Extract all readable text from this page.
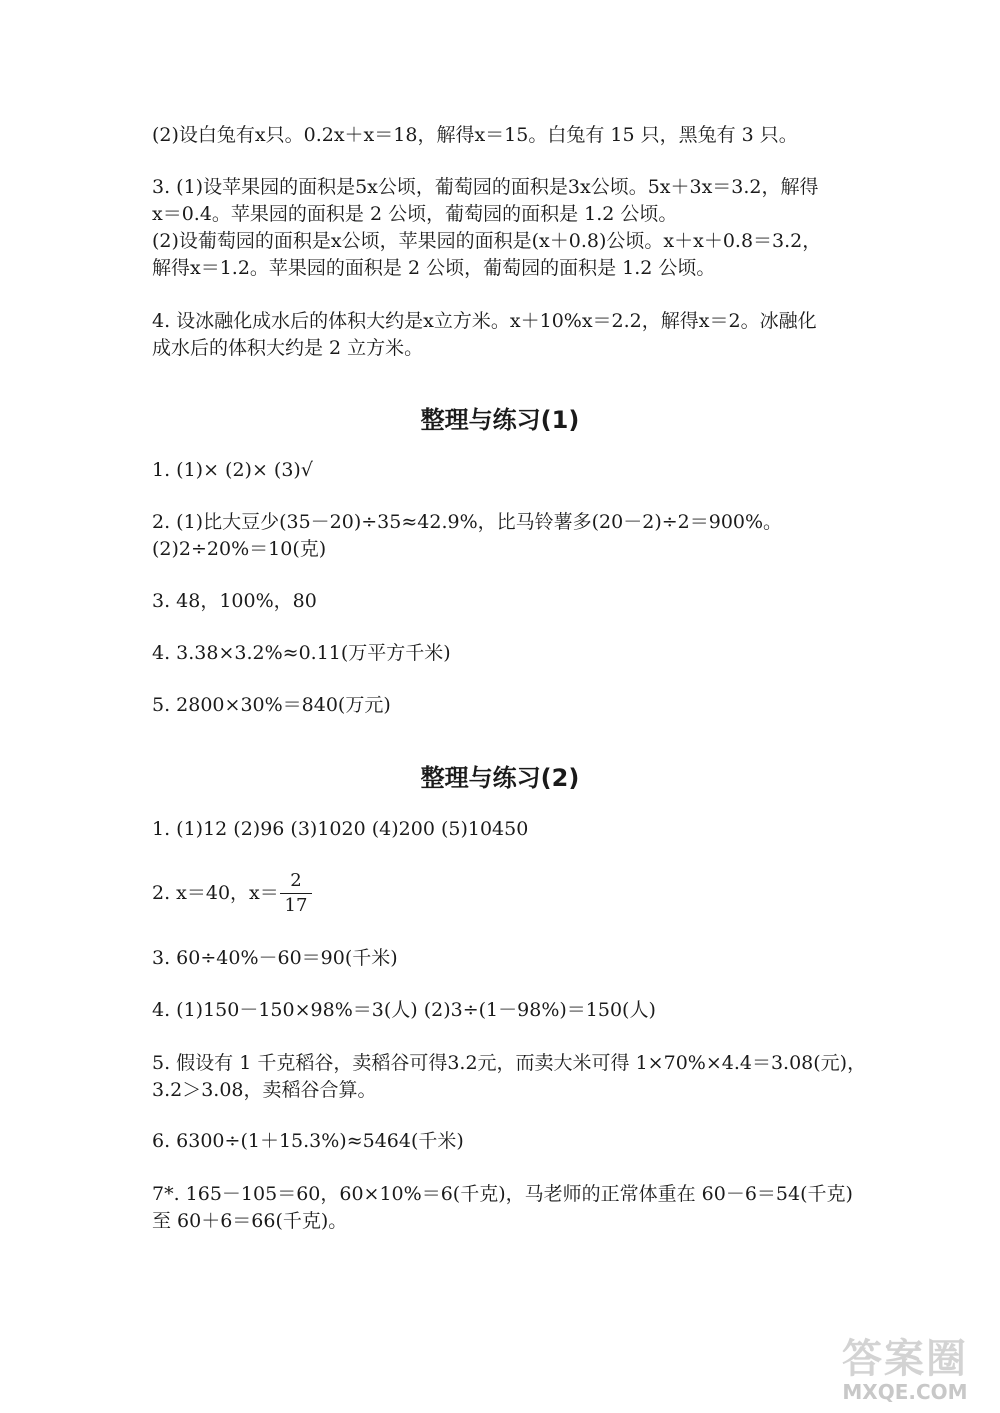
(2)设白兔有x只。0.2x＋x＝18，解得x＝15。白兔有 15 只，黑兔有 3 只。
3. (1)设苹果园的面积是5x公顷，葡萄园的面积是3x公顷。5x＋3x＝3.2，解得
x＝0.4。苹果园的面积是 2 公顷，葡萄园的面积是 1.2 公顷。
(2)设葡萄园的面积是x公顷，苹果园的面积是(x＋0.8)公顷。x＋x＋0.8＝3.2，
解得x＝1.2。苹果园的面积是 2 公顷，葡萄园的面积是 1.2 公顷。
4. 设冰融化成水后的体积大约是x立方米。x＋10%x＝2.2，解得x＝2。冰融化
成水后的体积大约是 2 立方米。
整理与练习(1)
1. (1)× (2)× (3)√
2. (1)比大豆少(35－20)÷35≈42.9%，比马铃薯多(20－2)÷2＝900%。
(2)2÷20%＝10(克)
3. 48，100%，80
4. 3.38×3.2%≈0.11(万平方千米)
5. 2800×30%＝840(万元)
整理与练习(2)
1. (1)12 (2)96 (3)1020 (4)200 (5)10450
2. x＝40，x＝
2
17
3. 60÷40%－60＝90(千米)
4. (1)150－150×98%＝3(人) (2)3÷(1－98%)＝150(人)
5. 假设有 1 千克稻谷，卖稻谷可得3.2元，而卖大米可得 1×70%×4.4＝3.08(元)，
3.2＞3.08，卖稻谷合算。
6. 6300÷(1＋15.3%)≈5464(千米)
7*. 165－105＝60，60×10%＝6(千克)，马老师的正常体重在 60－6＝54(千克)
至 60＋6＝66(千克)。
答案圈
MXQE.COM
